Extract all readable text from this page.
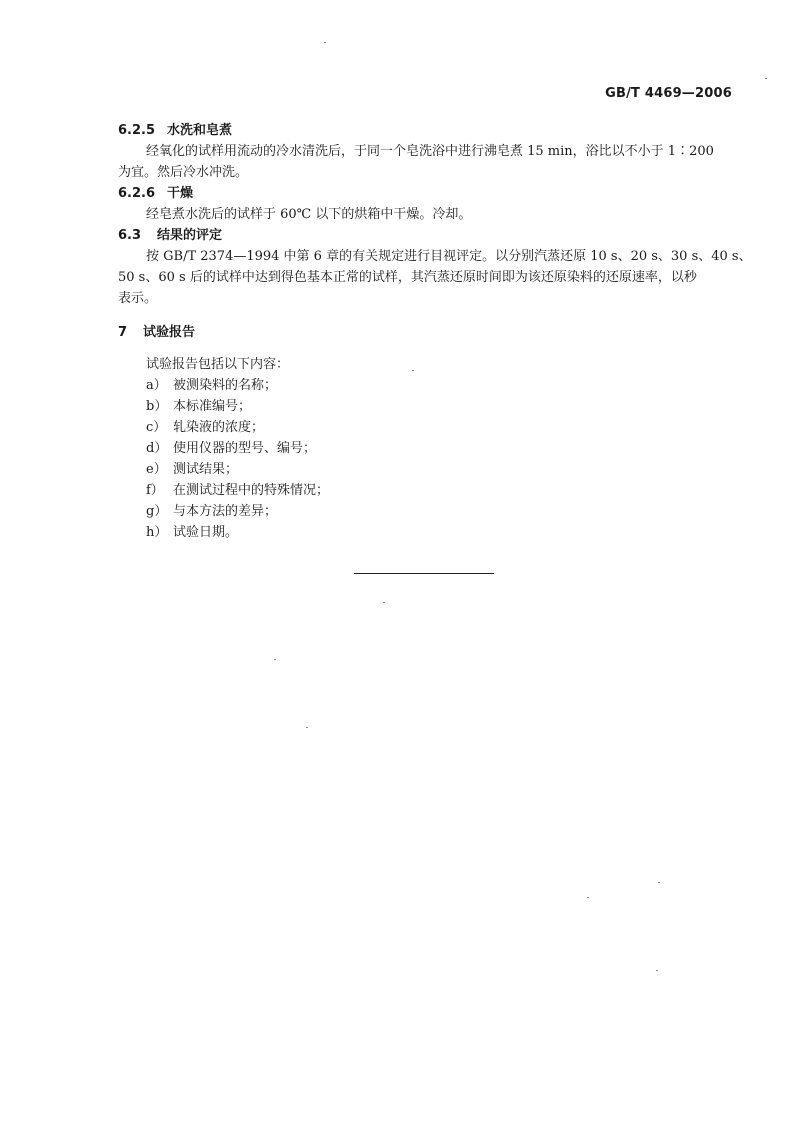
GB/T 4469—2006
6.2.5 水洗和皂煮
经氧化的试样用流动的冷水清洗后，于同一个皂洗浴中进行沸皂煮 15 min，浴比以不小于 1∶200
为宜。然后冷水冲洗。
6.2.6 干燥
经皂煮水洗后的试样于 60℃ 以下的烘箱中干燥。冷却。
6.3 结果的评定
按 GB/T 2374—1994 中第 6 章的有关规定进行目视评定。以分别汽蒸还原 10 s、20 s、30 s、40 s、
50 s、60 s 后的试样中达到得色基本正常的试样，其汽蒸还原时间即为该还原染料的还原速率，以秒
表示。
7 试验报告
试验报告包括以下内容：
a） 被测染料的名称；
b） 本标准编号；
c） 轧染液的浓度；
d） 使用仪器的型号、编号；
e） 测试结果；
f） 在测试过程中的特殊情况；
g） 与本方法的差异；
h） 试验日期。
